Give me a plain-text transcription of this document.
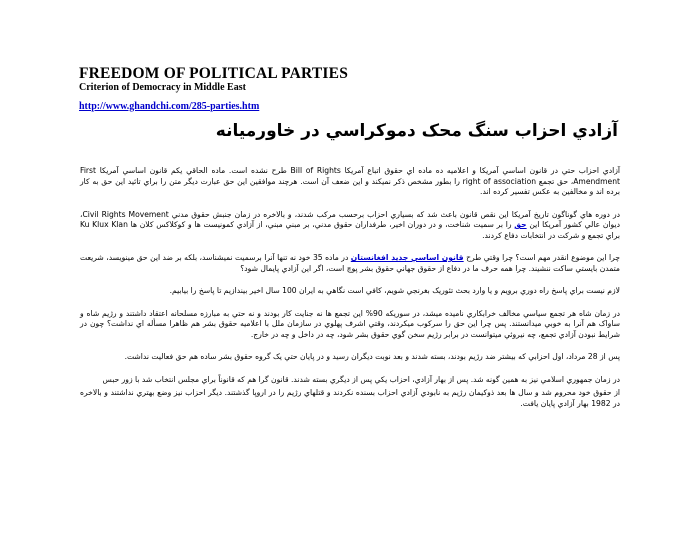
FREEDOM OF POLITICAL PARTIES
Criterion of Democracy in Middle East
http://www.ghandchi.com/285-parties.htm
آزادي احزاب سنگ محک دموکراسي در خاورميانه

آزادي احزاب حتي در قانون اساسي آمريکا و اعلاميه ده ماده اي حقوق اتباع آمريکا Bill of Rights طرح نشده است. ماده الحاقي يکم قانون اساسي آمريکا First Amendment، حق تجمع right of association را بطور مشخص ذکر نميکند و اين ضعف آن است. هرچند موافقين اين حق عبارت ديگر متن را براي تائيد اين حق به کار برده اند و مخالفين به عکس تفسير کرده اند.

در دوره هاي گوناگون تاريخ آمريکا اين نقص قانون باعث شد که بسياري احزاب برحسب مرکب شدند، و بالاخره در زمان جنبش حقوق مدني Civil Rights Movement، ديوان عالي کشور آمريکا اين حق را بر سميت شناخت، و در دوران اخير، طرفداران حقوق مدني، بر مبني مبني، از آزادي کمونيست ها و کوکلاکس کلان ها Ku Klux Klan براي تجمع و شرکت در انتخابات دفاع کردند.

چرا اين موضوع انقدر مهم است؟ چرا وقتي طرح قانون اساسي جديد افغانستان در ماده 35 خود نه تنها آنرا برسميت نميشناسد، بلکه بر ضد اين حق مينويسد، شريعت متمدن بايستي ساکت ننشيند. چرا همه حرف ما در دفاع از حقوق جهاني حقوق بشر پوچ است، اگر اين آزادي پايمال شود؟

لازم نيست براي پاسخ راه دوري برويم و يا وارد بحث تئوريک بغرنجي شويم، کافي است نگاهي به ايران 100 سال اخير بيندازيم تا پاسخ را بيابيم.

در زمان شاه هر تجمع سياسي مخالف خرابکاري ناميده ميشد، در سوريکه 90% اين تجمع ها نه جنايت کار بودند و نه حتي به مبارزه مسلحانه اعتقاد داشتند و رژيم شاه و ساواک هم آنرا به خوبي ميدانستند. پس چرا اين حق را سرکوب ميکردند، وقتي اشرف پهلوي در سازمان ملل با اعلاميه حقوق بشر هم ظاهرا مسأله اي نداشت؟ چون در شرايط نبودن آزادي تجمع، چه نيروئي ميتوانست در برابر رژيم سخن گوي حقوق بشر شود، چه در داخل و چه در خارج.

پس از 28 مرداد، اول احزابي که بيشتر ضد رژيم بودند، بسته شدند و بعد نوبت ديگران رسيد و در پايان حتي يک گروه حقوق بشر ساده هم حق فعاليت نداشت.

در زمان جمهوري اسلامي نيز به همين گونه شد. پس از بهار آزادي، احزاب يکي پس از ديگري بسته شدند. قانون گرا هم که قانوناً براي مجلس انتخاب شد با زور حبس

از حقوق خود محروم شد و سال ها بعد ذوکيمان رژيم به نابودي آزادي احزاب بسنده نکردند و قتلهاي رژيم را در اروپا گذشتند. ديگر احزاب نيز وضع بهتري نداشتند و بالاخره در 1982 بهار آزادي پايان يافت.
